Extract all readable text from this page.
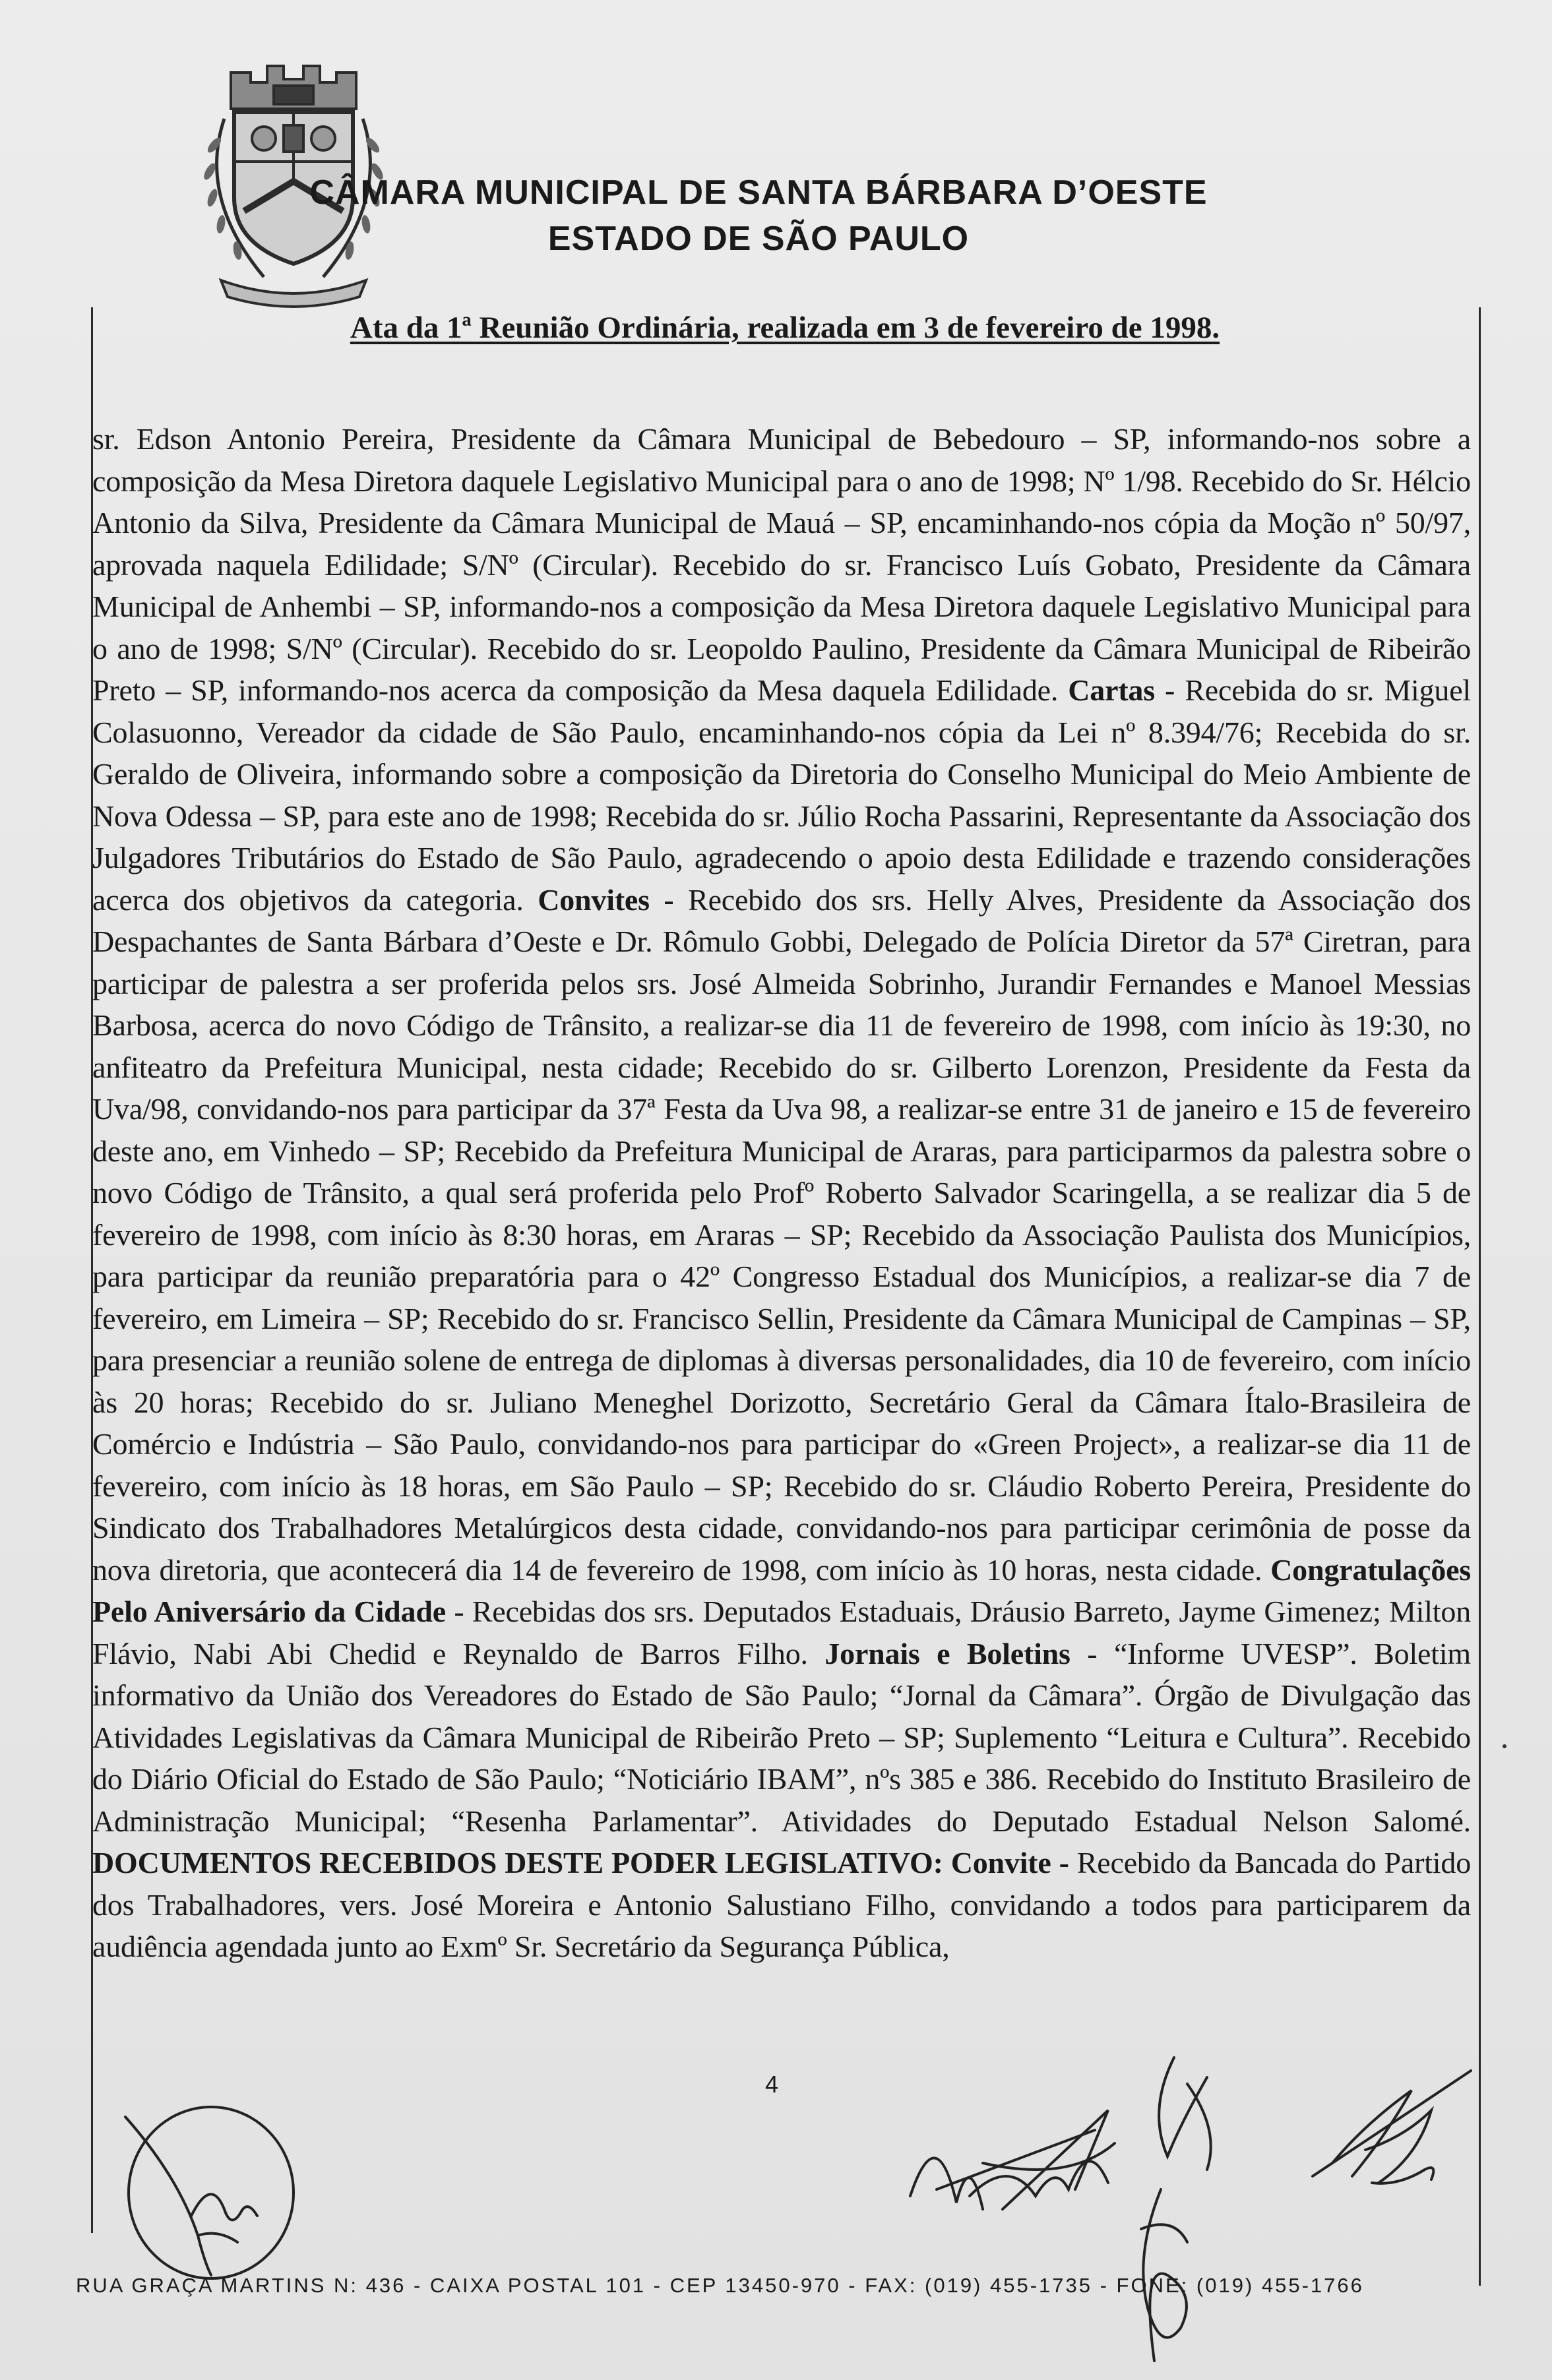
CÂMARA MUNICIPAL DE SANTA BÁRBARA D’OESTE
ESTADO DE SÃO PAULO
Ata da 1ª Reunião Ordinária, realizada em 3 de fevereiro de 1998.
sr. Edson Antonio Pereira, Presidente da Câmara Municipal de Bebedouro – SP, informando-nos sobre a composição da Mesa Diretora daquele Legislativo Municipal para o ano de 1998; Nº 1/98. Recebido do Sr. Hélcio Antonio da Silva, Presidente da Câmara Municipal de Mauá – SP, encaminhando-nos cópia da Moção nº 50/97, aprovada naquela Edilidade; S/Nº (Circular). Recebido do sr. Francisco Luís Gobato, Presidente da Câmara Municipal de Anhembi – SP, informando-nos a composição da Mesa Diretora daquele Legislativo Municipal para o ano de 1998; S/Nº (Circular). Recebido do sr. Leopoldo Paulino, Presidente da Câmara Municipal de Ribeirão Preto – SP, informando-nos acerca da composição da Mesa daquela Edilidade. Cartas - Recebida do sr. Miguel Colasuonno, Vereador da cidade de São Paulo, encaminhando-nos cópia da Lei nº 8.394/76; Recebida do sr. Geraldo de Oliveira, informando sobre a composição da Diretoria do Conselho Municipal do Meio Ambiente de Nova Odessa – SP, para este ano de 1998; Recebida do sr. Júlio Rocha Passarini, Representante da Associação dos Julgadores Tributários do Estado de São Paulo, agradecendo o apoio desta Edilidade e trazendo considerações acerca dos objetivos da categoria. Convites - Recebido dos srs. Helly Alves, Presidente da Associação dos Despachantes de Santa Bárbara d’Oeste e Dr. Rômulo Gobbi, Delegado de Polícia Diretor da 57ª Ciretran, para participar de palestra a ser proferida pelos srs. José Almeida Sobrinho, Jurandir Fernandes e Manoel Messias Barbosa, acerca do novo Código de Trânsito, a realizar-se dia 11 de fevereiro de 1998, com início às 19:30, no anfiteatro da Prefeitura Municipal, nesta cidade; Recebido do sr. Gilberto Lorenzon, Presidente da Festa da Uva/98, convidando-nos para participar da 37ª Festa da Uva 98, a realizar-se entre 31 de janeiro e 15 de fevereiro deste ano, em Vinhedo – SP; Recebido da Prefeitura Municipal de Araras, para participarmos da palestra sobre o novo Código de Trânsito, a qual será proferida pelo Profº Roberto Salvador Scaringella, a se realizar dia 5 de fevereiro de 1998, com início às 8:30 horas, em Araras – SP; Recebido da Associação Paulista dos Municípios, para participar da reunião preparatória para o 42º Congresso Estadual dos Municípios, a realizar-se dia 7 de fevereiro, em Limeira – SP; Recebido do sr. Francisco Sellin, Presidente da Câmara Municipal de Campinas – SP, para presenciar a reunião solene de entrega de diplomas à diversas personalidades, dia 10 de fevereiro, com início às 20 horas; Recebido do sr. Juliano Meneghel Dorizotto, Secretário Geral da Câmara Ítalo-Brasileira de Comércio e Indústria – São Paulo, convidando-nos para participar do «Green Project», a realizar-se dia 11 de fevereiro, com início às 18 horas, em São Paulo – SP; Recebido do sr. Cláudio Roberto Pereira, Presidente do Sindicato dos Trabalhadores Metalúrgicos desta cidade, convidando-nos para participar cerimônia de posse da nova diretoria, que acontecerá dia 14 de fevereiro de 1998, com início às 10 horas, nesta cidade. Congratulações Pelo Aniversário da Cidade - Recebidas dos srs. Deputados Estaduais, Dráusio Barreto, Jayme Gimenez; Milton Flávio, Nabi Abi Chedid e Reynaldo de Barros Filho. Jornais e Boletins - “Informe UVESP”. Boletim informativo da União dos Vereadores do Estado de São Paulo; “Jornal da Câmara”. Órgão de Divulgação das Atividades Legislativas da Câmara Municipal de Ribeirão Preto – SP; Suplemento “Leitura e Cultura”. Recebido do Diário Oficial do Estado de São Paulo; “Noticiário IBAM”, nºs 385 e 386. Recebido do Instituto Brasileiro de Administração Municipal; “Resenha Parlamentar”. Atividades do Deputado Estadual Nelson Salomé. DOCUMENTOS RECEBIDOS DESTE PODER LEGISLATIVO: Convite - Recebido da Bancada do Partido dos Trabalhadores, vers. José Moreira e Antonio Salustiano Filho, convidando a todos para participarem da audiência agendada junto ao Exmº Sr. Secretário da Segurança Pública,
4
RUA GRAÇA MARTINS N: 436 - CAIXA POSTAL 101 - CEP 13450-970 - FAX: (019) 455-1735 - FONE: (019) 455-1766
